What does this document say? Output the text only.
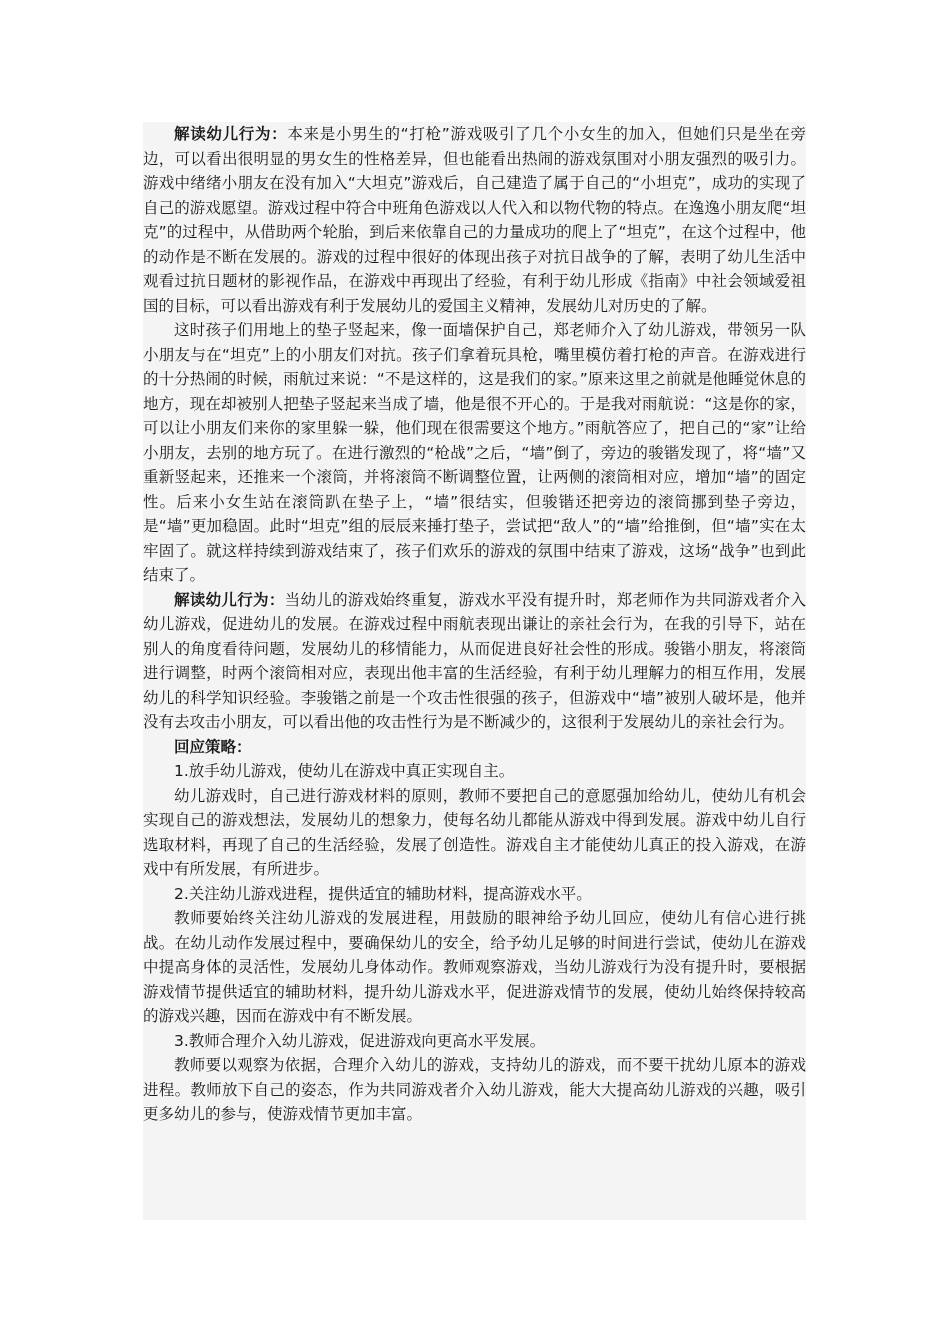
解读幼儿行为：本来是小男生的“打枪”游戏吸引了几个小女生的加入，但她们只是坐在旁边，可以看出很明显的男女生的性格差异，但也能看出热闹的游戏氛围对小朋友强烈的吸引力。游戏中绪绪小朋友在没有加入“大坦克”游戏后，自己建造了属于自己的“小坦克”，成功的实现了自己的游戏愿望。游戏过程中符合中班角色游戏以人代入和以物代物的特点。在逸逸小朋友爬“坦克”的过程中，从借助两个轮胎，到后来依靠自己的力量成功的爬上了“坦克”，在这个过程中，他的动作是不断在发展的。游戏的过程中很好的体现出孩子对抗日战争的了解，表明了幼儿生活中观看过抗日题材的影视作品，在游戏中再现出了经验，有利于幼儿形成《指南》中社会领域爱祖国的目标，可以看出游戏有利于发展幼儿的爱国主义精神，发展幼儿对历史的了解。

这时孩子们用地上的垫子竖起来，像一面墙保护自己，郑老师介入了幼儿游戏，带领另一队小朋友与在“坦克”上的小朋友们对抗。孩子们拿着玩具枪，嘴里模仿着打枪的声音。在游戏进行的十分热闹的时候，雨航过来说：“不是这样的，这是我们的家。”原来这里之前就是他睡觉休息的地方，现在却被别人把垫子竖起来当成了墙，他是很不开心的。于是我对雨航说：“这是你的家，可以让小朋友们来你的家里躲一躲，他们现在很需要这个地方。”雨航答应了，把自己的“家”让给小朋友，去别的地方玩了。在进行激烈的“枪战”之后，“墙”倒了，旁边的骏锴发现了，将“墙”又重新竖起来，还推来一个滚筒，并将滚筒不断调整位置，让两侧的滚筒相对应，增加“墙”的固定性。后来小女生站在滚筒趴在垫子上，“墙”很结实，但骏锴还把旁边的滚筒挪到垫子旁边，是“墙”更加稳固。此时“坦克”组的辰辰来捶打垫子，尝试把“敌人”的“墙”给推倒，但“墙”实在太牢固了。就这样持续到游戏结束了，孩子们欢乐的游戏的氛围中结束了游戏，这场“战争”也到此结束了。

解读幼儿行为：当幼儿的游戏始终重复，游戏水平没有提升时，郑老师作为共同游戏者介入幼儿游戏，促进幼儿的发展。在游戏过程中雨航表现出谦让的亲社会行为，在我的引导下，站在别人的角度看待问题，发展幼儿的移情能力，从而促进良好社会性的形成。骏锴小朋友，将滚筒进行调整，时两个滚筒相对应，表现出他丰富的生活经验，有利于幼儿理解力的相互作用，发展幼儿的科学知识经验。李骏锴之前是一个攻击性很强的孩子，但游戏中“墙”被别人破坏是，他并没有去攻击小朋友，可以看出他的攻击性行为是不断减少的，这很利于发展幼儿的亲社会行为。

回应策略：

1.放手幼儿游戏，使幼儿在游戏中真正实现自主。

幼儿游戏时，自己进行游戏材料的原则，教师不要把自己的意愿强加给幼儿，使幼儿有机会实现自己的游戏想法，发展幼儿的想象力，使每名幼儿都能从游戏中得到发展。游戏中幼儿自行选取材料，再现了自己的生活经验，发展了创造性。游戏自主才能使幼儿真正的投入游戏，在游戏中有所发展，有所进步。

2.关注幼儿游戏进程，提供适宜的辅助材料，提高游戏水平。

教师要始终关注幼儿游戏的发展进程，用鼓励的眼神给予幼儿回应，使幼儿有信心进行挑战。在幼儿动作发展过程中，要确保幼儿的安全，给予幼儿足够的时间进行尝试，使幼儿在游戏中提高身体的灵活性，发展幼儿身体动作。教师观察游戏，当幼儿游戏行为没有提升时，要根据游戏情节提供适宜的辅助材料，提升幼儿游戏水平，促进游戏情节的发展，使幼儿始终保持较高的游戏兴趣，因而在游戏中有不断发展。

3.教师合理介入幼儿游戏，促进游戏向更高水平发展。

教师要以观察为依据，合理介入幼儿的游戏，支持幼儿的游戏，而不要干扰幼儿原本的游戏进程。教师放下自己的姿态，作为共同游戏者介入幼儿游戏，能大大提高幼儿游戏的兴趣，吸引更多幼儿的参与，使游戏情节更加丰富。
